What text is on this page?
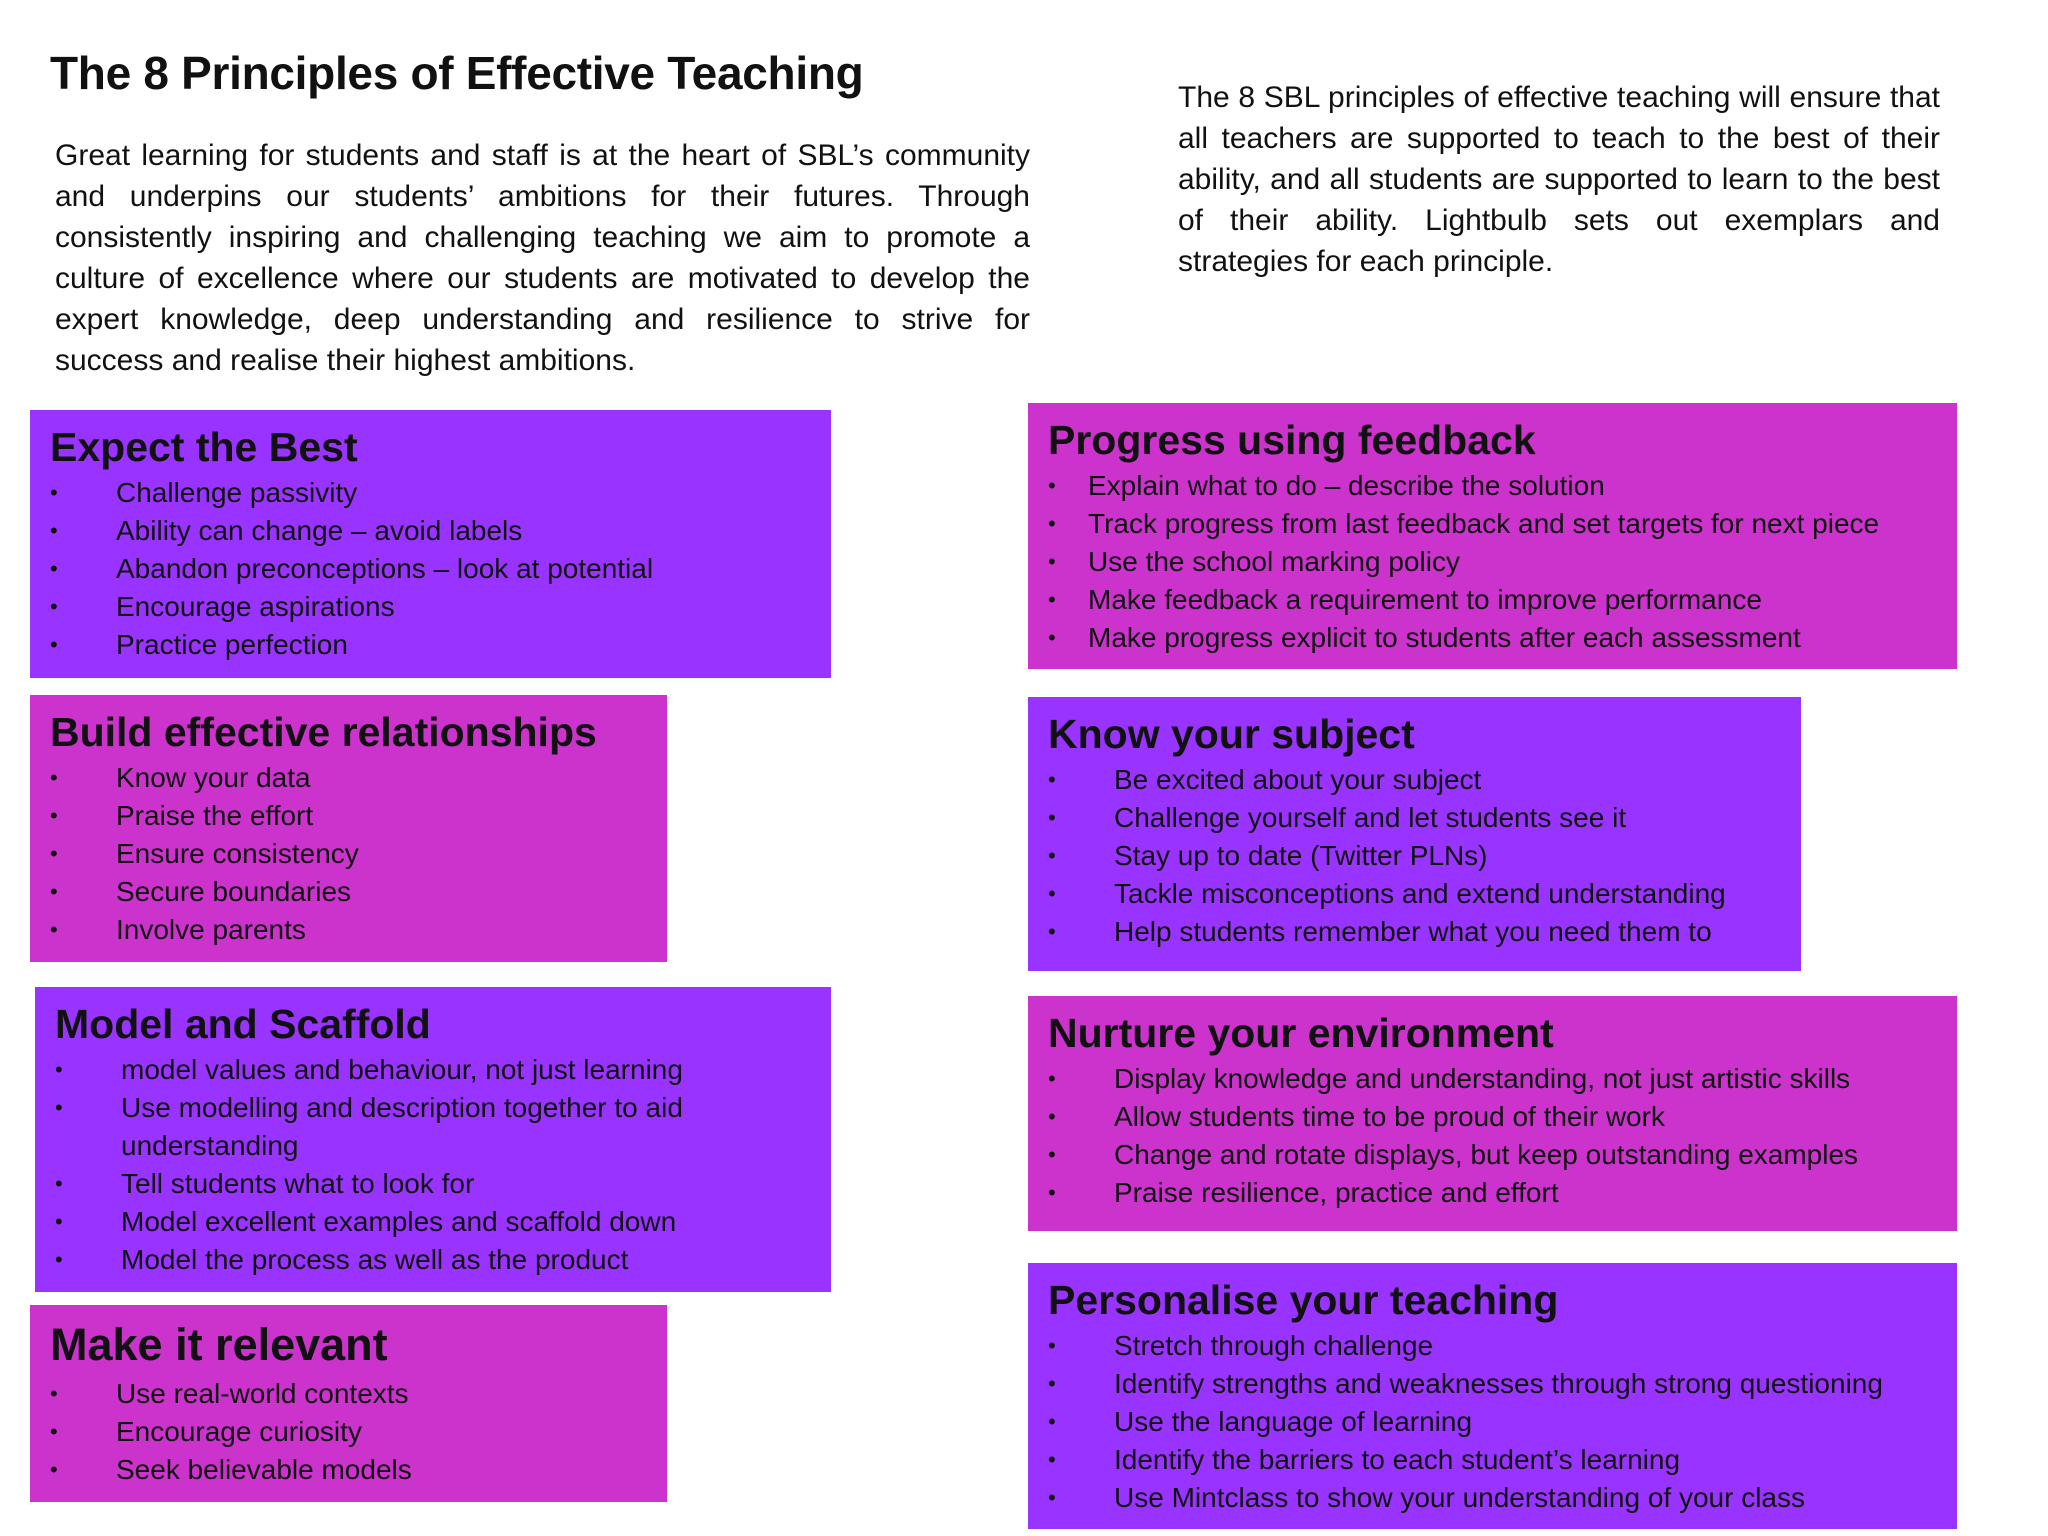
The 8 Principles of Effective Teaching

Great learning for students and staff is at the heart of SBL’s community and underpins our students’ ambitions for their futures. Through consistently inspiring and challenging teaching we aim to promote a culture of excellence where our students are motivated to develop the expert knowledge, deep understanding and resilience to strive for success and realise their highest ambitions.

The 8 SBL principles of effective teaching will ensure that all teachers are supported to teach to the best of their ability, and all students are supported to learn to the best of their ability. Lightbulb sets out exemplars and strategies for each principle.

Expect the Best
•	Challenge passivity
•	Ability can change – avoid labels
•	Abandon preconceptions – look at potential
•	Encourage aspirations
•	Practice perfection
Build effective relationships
•	Know your data
•	Praise the effort
•	Ensure consistency
•	Secure boundaries
•	Involve parents
Model and Scaffold
•	model values and behaviour, not just learning
•	Use modelling and description together to aid understanding
•	Tell students what to look for
•	Model excellent examples and scaffold down
•	Model the process as well as the product
Make it relevant
•	Use real-world contexts
•	Encourage curiosity
•	Seek believable models
Progress using feedback
•	Explain what to do – describe the solution
•	Track progress from last feedback and set targets for next piece
•	Use the school marking policy
•	Make feedback a requirement to improve performance
•	Make progress explicit to students after each assessment
Know your subject
•	Be excited about your subject
•	Challenge yourself and let students see it
•	Stay up to date (Twitter PLNs)
•	Tackle misconceptions and extend understanding
•	Help students remember what you need them to
Nurture your environment
•	Display knowledge and understanding, not just artistic skills
•	Allow students time to be proud of their work
•	Change and rotate displays, but keep outstanding examples
•	Praise resilience, practice and effort
Personalise your teaching
•	Stretch through challenge
•	Identify strengths and weaknesses through strong questioning
•	Use the language of learning
•	Identify the barriers to each student’s learning
•	Use Mintclass to show your understanding of your class
